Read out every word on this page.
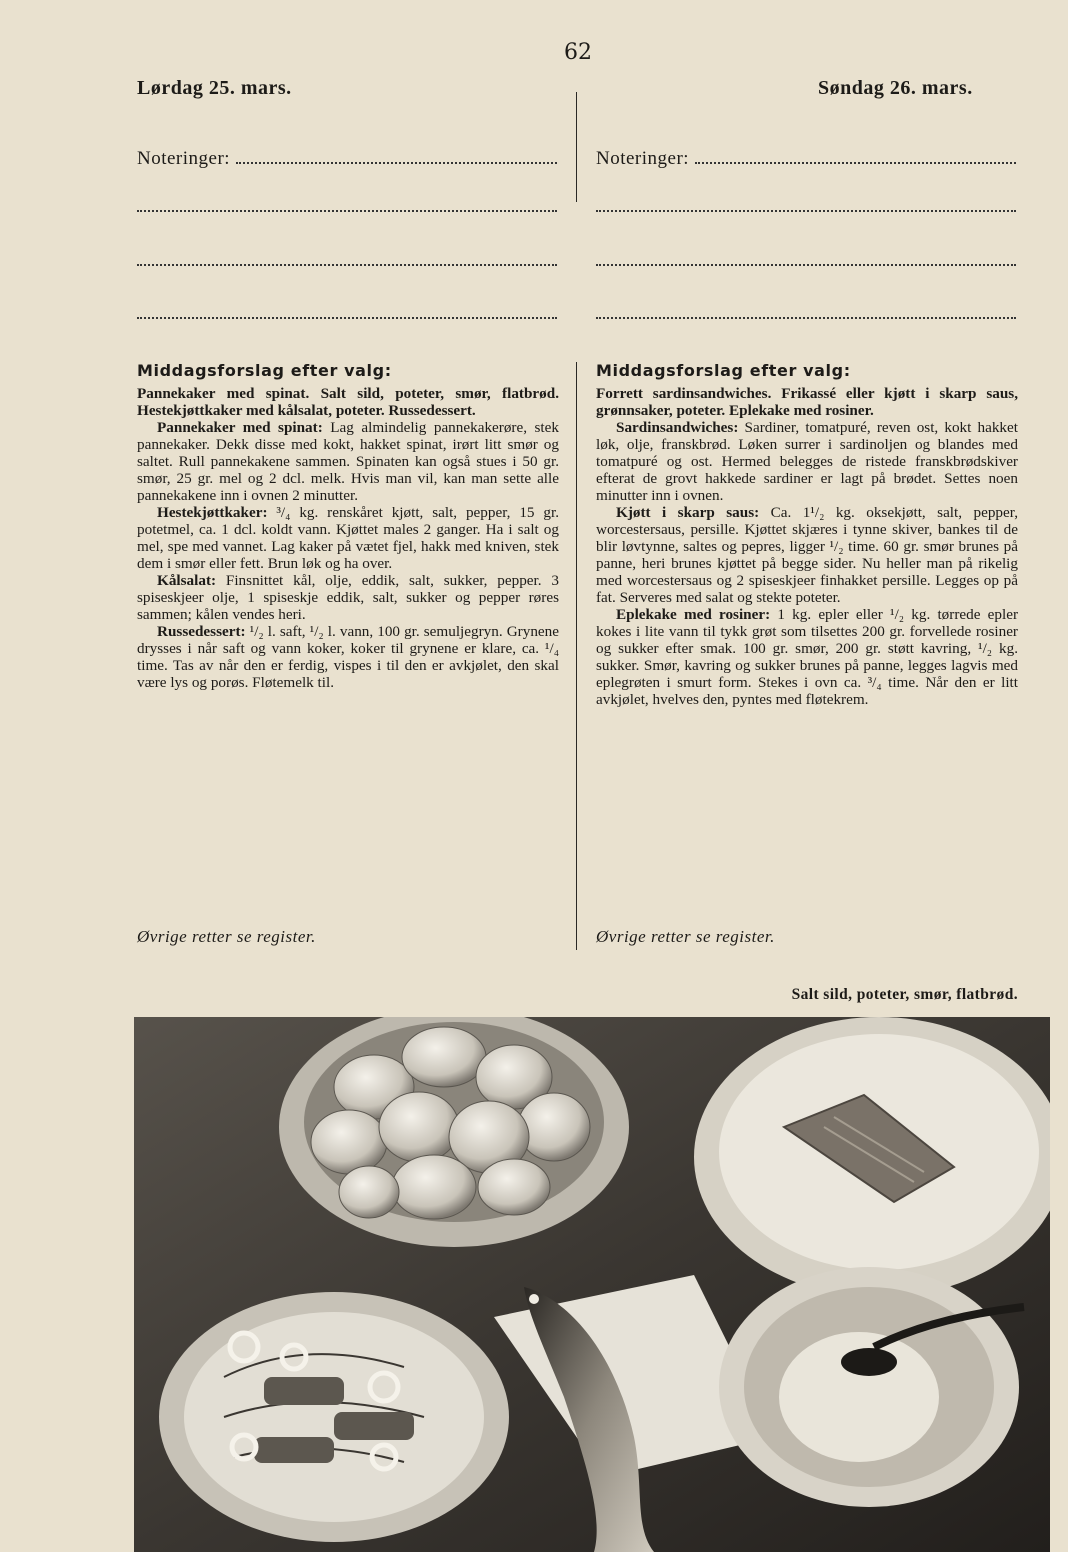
62
Lørdag 25. mars.	Søndag 26. mars.
Noteringer:	Noteringer:
Middagsforslag efter valg:

Pannekaker med spinat. Salt sild, poteter, smør, flatbrød. Hestekjøttkaker med kålsalat, poteter. Russedessert.

Pannekaker med spinat: Lag almindelig pannekakerøre, stek pannekaker. Dekk disse med kokt, hakket spinat, irørt litt smør og saltet. Rull pannekakene sammen. Spinaten kan også stues i 50 gr. smør, 25 gr. mel og 2 dcl. melk. Hvis man vil, kan man sette alle pannekakene inn i ovnen 2 minutter.

Hestekjøttkaker: ³/₄ kg. renskåret kjøtt, salt, pepper, 15 gr. potetmel, ca. 1 dcl. koldt vann. Kjøttet males 2 ganger. Ha i salt og mel, spe med vannet. Lag kaker på vætet fjel, hakk med kniven, stek dem i smør eller fett. Brun løk og ha over.

Kålsalat: Finsnittet kål, olje, eddik, salt, sukker, pepper. 3 spiseskjeer olje, 1 spiseskje eddik, salt, sukker og pepper røres sammen; kålen vendes heri.

Russedessert: ¹/₂ l. saft, ¹/₂ l. vann, 100 gr. semuljegryn. Grynene drysses i når saft og vann koker, koker til grynene er klare, ca. ¹/₄ time. Tas av når den er ferdig, vispes i til den er avkjølet, den skal være lys og porøs. Fløtemelk til.

Øvrige retter se register.
Middagsforslag efter valg:

Forrett sardinsandwiches. Frikassé eller kjøtt i skarp saus, grønnsaker, poteter. Eplekake med rosiner.

Sardinsandwiches: Sardiner, tomatpuré, reven ost, kokt hakket løk, olje, franskbrød. Løken surrer i sardinoljen og blandes med tomatpuré og ost. Hermed belegges de ristede franskbrødskiver efterat de grovt hakkede sardiner er lagt på brødet. Settes noen minutter inn i ovnen.

Kjøtt i skarp saus: Ca. 1¹/₂ kg. oksekjøtt, salt, pepper, worcestersaus, persille. Kjøttet skjæres i tynne skiver, bankes til de blir løvtynne, saltes og pepres, ligger ¹/₂ time. 60 gr. smør brunes på panne, heri brunes kjøttet på begge sider. Nu heller man på rikelig med worcestersaus og 2 spiseskjeer finhakket persille. Legges op på fat. Serveres med salat og stekte poteter.

Eplekake med rosiner: 1 kg. epler eller ¹/₂ kg. tørrede epler kokes i lite vann til tykk grøt som tilsettes 200 gr. forvellede rosiner og sukker efter smak. 100 gr. smør, 200 gr. støtt kavring, ¹/₂ kg. sukker. Smør, kavring og sukker brunes på panne, legges lagvis med eplegrøten i smurt form. Stekes i ovn ca. ³/₄ time. Når den er litt avkjølet, hvelves den, pyntes med fløtekrem.

Øvrige retter se register.
Salt sild, poteter, smør, flatbrød.
